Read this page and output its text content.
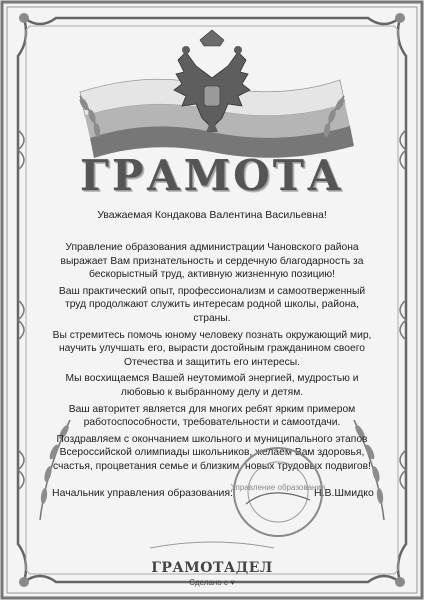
ГРАМОТА
Уважаемая Кондакова Валентина Васильевна!

Управление образования администрации Чановского района выражает Вам признательность и сердечную благодарность за бескорыстный труд, активную жизненную позицию!

Ваш практический опыт, профессионализм и самоотверженный труд продолжают служить интересам родной школы, района, страны.

Вы стремитесь помочь юному человеку познать окружающий мир, научить улучшать его, вырасти достойным гражданином своего Отечества и защитить его интересы.

Мы восхищаемся Вашей неутомимой энергией, мудростью и любовью к выбранному делу и детям.

Ваш авторитет является для многих ребят ярким примером работоспособности, требовательности и самоотдачи.

Поздравляем с окончанием школьного и муниципального этапов Всероссийской олимпиады школьников, желаем Вам здоровья, счастья, процветания семье и близким, новых трудовых подвигов!

Управление образования
Начальник управления образования:	Н.В.Шмидко
ГРАМОТАДЕЛ
Сделано с ♥
